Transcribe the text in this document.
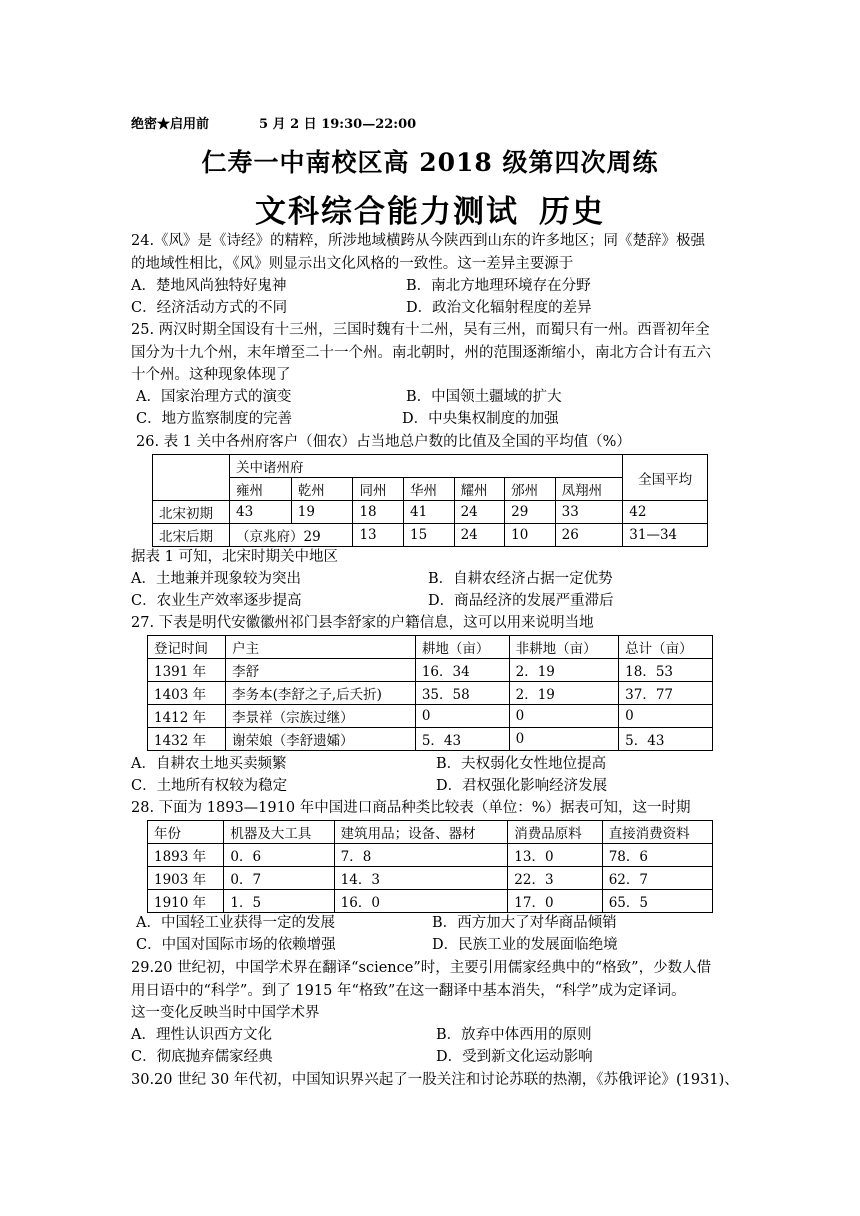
绝密★启用前	5 月 2 日 19:30—22:00
仁寿一中南校区高 2018 级第四次周练
文科综合能力测试 历史
24.《风》是《诗经》的精粹，所涉地域横跨从今陕西到山东的许多地区；同《楚辞》极强
的地域性相比，《风》则显示出文化风格的一致性。这一差异主要源于
A．楚地风尚独特好鬼神	B．南北方地理环境存在分野
C．经济活动方式的不同	D．政治文化辐射程度的差异
25. 两汉时期全国设有十三州，三国时魏有十二州，吴有三州，而蜀只有一州。西晋初年全
国分为十九个州，末年增至二十一个州。南北朝时，州的范围逐渐缩小，南北方合计有五六
十个州。这种现象体现了
A．国家治理方式的演变	B．中国领土疆域的扩大
C．地方监察制度的完善	D．中央集权制度的加强
26. 表 1 关中各州府客户（佃农）占当地总户数的比值及全国的平均值（%）
	关中诸州府							全国平均
	雍州	乾州	同州	华州	耀州	邠州	凤翔州	
北宋初期	43	19	18	41	24	29	33	42
北宋后期	（京兆府）29		13	15	24	10	26	31—34
据表 1 可知，北宋时期关中地区
A．土地兼并现象较为突出	B．自耕农经济占据一定优势
C．农业生产效率逐步提高	D．商品经济的发展严重滞后
27. 下表是明代安徽徽州祁门县李舒家的户籍信息，这可以用来说明当地
登记时间	户主	耕地（亩）	非耕地（亩）	总计（亩）
1391 年	李舒	16．34	2．19	18．53
1403 年	李务本(李舒之子,后夭折)	35．58	2．19	37．77
1412 年	李景祥（宗族过继）	0	0	0
1432 年	谢荣娘（李舒遗孀）	5．43	0	5．43
A．自耕农土地买卖频繁	B．夫权弱化女性地位提高
C．土地所有权较为稳定	D．君权强化影响经济发展
28. 下面为 1893—1910 年中国进口商品种类比较表（单位：%）据表可知，这一时期
年份	机器及大工具	建筑用品；设备、器材	消费品原料	直接消费资料
1893 年	0．6	7．8	13．0	78．6
1903 年	0．7	14．3	22．3	62．7
1910 年	1．5	16．0	17．0	65．5
A．中国轻工业获得一定的发展	B．西方加大了对华商品倾销
C．中国对国际市场的依赖增强	D．民族工业的发展面临绝境
29.20 世纪初，中国学术界在翻译“science”时，主要引用儒家经典中的“格致”，少数人借
用日语中的“科学”。到了 1915 年“格致”在这一翻译中基本消失，“科学”成为定译词。
这一变化反映当时中国学术界
A．理性认识西方文化	B．放弃中体西用的原则
C．彻底抛弃儒家经典	D．受到新文化运动影响
30.20 世纪 30 年代初，中国知识界兴起了一股关注和讨论苏联的热潮，《苏俄评论》(1931)、
